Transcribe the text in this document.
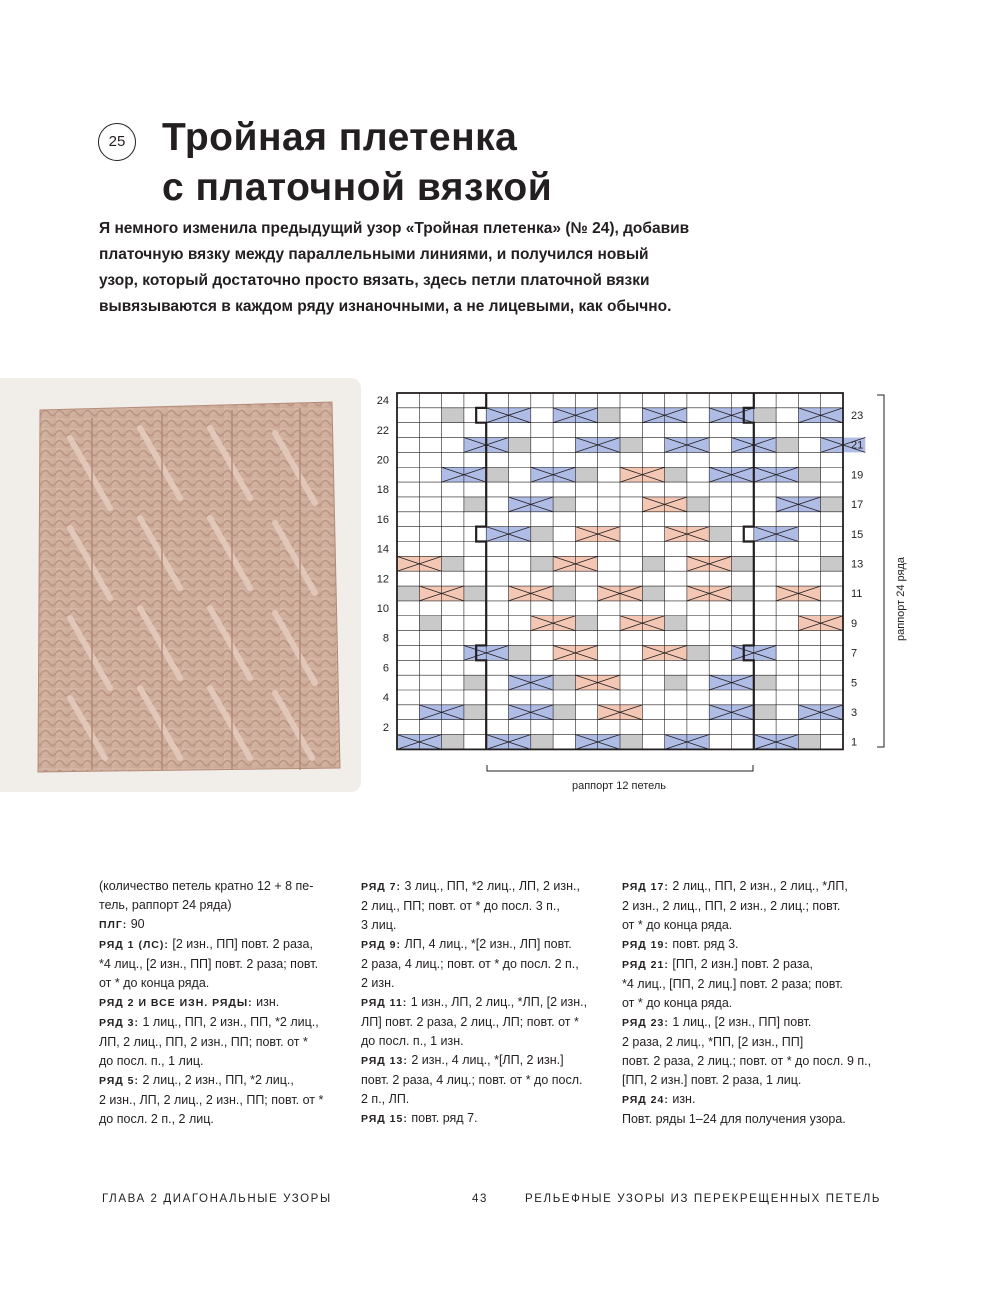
25 Тройная плетенка
с платочной вязкой
Я немного изменила предыдущий узор «Тройная плетенка» (№ 24), добавив
платочную вязку между параллельными линиями, и получился новый
узор, который достаточно просто вязать, здесь петли платочной вязки
вывязываются в каждом ряду изнаночными, а не лицевыми, как обычно.
24
22
20
18
16
14
12
10
8
6
4
2
23
21
19
17
15
13
11
9
7
5
3
1
раппорт 24 ряда
раппорт 12 петель
(количество петель кратно 12 + 8 пе-
тель, раппорт 24 ряда)
ПЛГ: 90
РЯД 1 (ЛС): [2 изн., ПП] повт. 2 раза,
*4 лиц., [2 изн., ПП] повт. 2 раза; повт.
от * до конца ряда.
РЯД 2 И ВСЕ ИЗН. РЯДЫ: изн.
РЯД 3: 1 лиц., ПП, 2 изн., ПП, *2 лиц.,
ЛП, 2 лиц., ПП, 2 изн., ПП; повт. от *
до посл. п., 1 лиц.
РЯД 5: 2 лиц., 2 изн., ПП, *2 лиц.,
2 изн., ЛП, 2 лиц., 2 изн., ПП; повт. от *
до посл. 2 п., 2 лиц.
РЯД 7: 3 лиц., ПП, *2 лиц., ЛП, 2 изн.,
2 лиц., ПП; повт. от * до посл. 3 п.,
3 лиц.
РЯД 9: ЛП, 4 лиц., *[2 изн., ЛП] повт.
2 раза, 4 лиц.; повт. от * до посл. 2 п.,
2 изн.
РЯД 11: 1 изн., ЛП, 2 лиц., *ЛП, [2 изн.,
ЛП] повт. 2 раза, 2 лиц., ЛП; повт. от *
до посл. п., 1 изн.
РЯД 13: 2 изн., 4 лиц., *[ЛП, 2 изн.]
повт. 2 раза, 4 лиц.; повт. от * до посл.
2 п., ЛП.
РЯД 15: повт. ряд 7.
РЯД 17: 2 лиц., ПП, 2 изн., 2 лиц., *ЛП,
2 изн., 2 лиц., ПП, 2 изн., 2 лиц.; повт.
от * до конца ряда.
РЯД 19: повт. ряд 3.
РЯД 21: [ПП, 2 изн.] повт. 2 раза,
*4 лиц., [ПП, 2 лиц.] повт. 2 раза; повт.
от * до конца ряда.
РЯД 23: 1 лиц., [2 изн., ПП] повт.
2 раза, 2 лиц., *ПП, [2 изн., ПП]
повт. 2 раза, 2 лиц.; повт. от * до посл. 9 п.,
[ПП, 2 изн.] повт. 2 раза, 1 лиц.
РЯД 24: изн.
Повт. ряды 1–24 для получения узора.
ГЛАВА 2 ДИАГОНАЛЬНЫЕ УЗОРЫ	43	РЕЛЬЕФНЫЕ УЗОРЫ ИЗ ПЕРЕКРЕЩЕННЫХ ПЕТЕЛЬ
